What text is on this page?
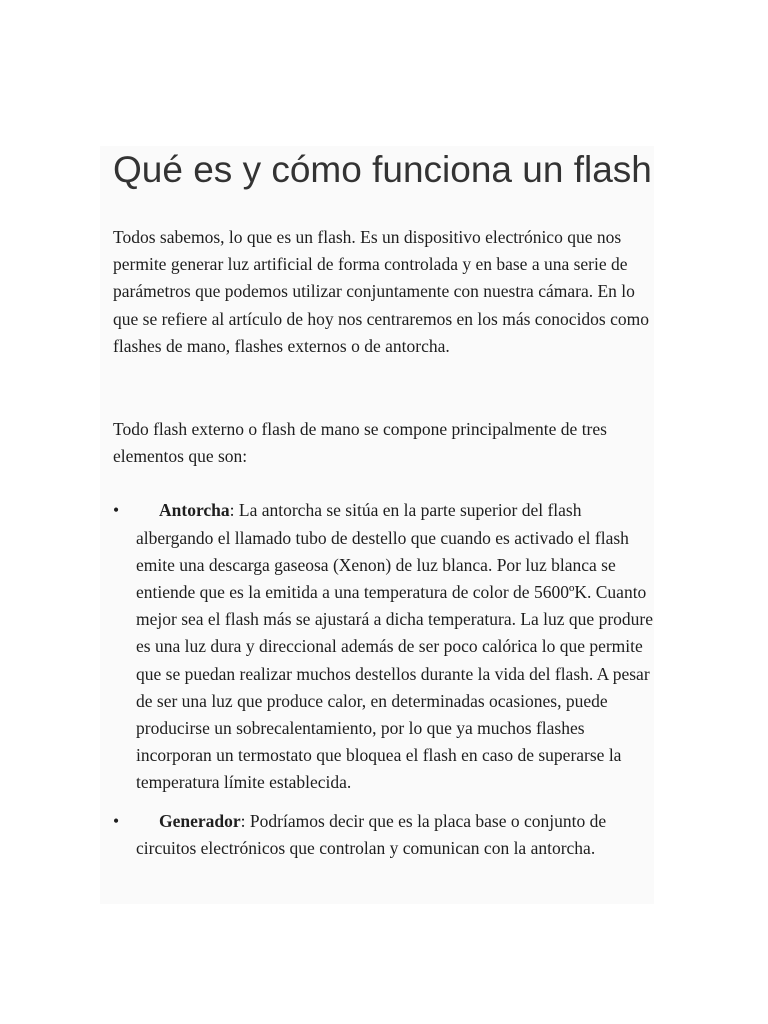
Qué es y cómo funciona un flash

Todos sabemos, lo que es un flash. Es un dispositivo electrónico que nos permite generar luz artificial de forma controlada y en base a una serie de parámetros que podemos utilizar conjuntamente con nuestra cámara. En lo que se refiere al artículo de hoy nos centraremos en los más conocidos como flashes de mano, flashes externos o de antorcha.

Todo flash externo o flash de mano se compone principalmente de tres elementos que son:

• Antorcha: La antorcha se sitúa en la parte superior del flash albergando el llamado tubo de destello que cuando es activado el flash emite una descarga gaseosa (Xenon) de luz blanca. Por luz blanca se entiende que es la emitida a una temperatura de color de 5600ºK. Cuanto mejor sea el flash más se ajustará a dicha temperatura. La luz que produre es una luz dura y direccional además de ser poco calórica lo que permite que se puedan realizar muchos destellos durante la vida del flash. A pesar de ser una luz que produce calor, en determinadas ocasiones, puede producirse un sobrecalentamiento, por lo que ya muchos flashes incorporan un termostato que bloquea el flash en caso de superarse la temperatura límite establecida.
• Generador: Podríamos decir que es la placa base o conjunto de circuitos electrónicos que controlan y comunican con la antorcha.
